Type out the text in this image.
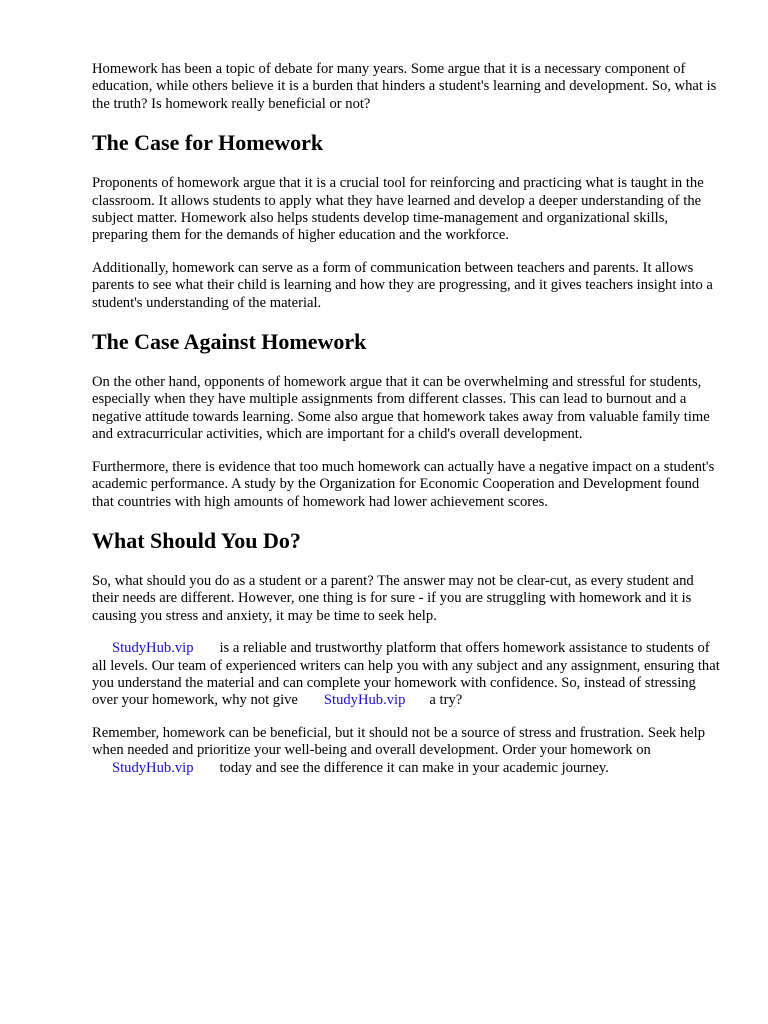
Homework has been a topic of debate for many years. Some argue that it is a necessary component of education, while others believe it is a burden that hinders a student's learning and development. So, what is the truth? Is homework really beneficial or not?

The Case for Homework

Proponents of homework argue that it is a crucial tool for reinforcing and practicing what is taught in the classroom. It allows students to apply what they have learned and develop a deeper understanding of the subject matter. Homework also helps students develop time-management and organizational skills, preparing them for the demands of higher education and the workforce.

Additionally, homework can serve as a form of communication between teachers and parents. It allows parents to see what their child is learning and how they are progressing, and it gives teachers insight into a student's understanding of the material.

The Case Against Homework

On the other hand, opponents of homework argue that it can be overwhelming and stressful for students, especially when they have multiple assignments from different classes. This can lead to burnout and a negative attitude towards learning. Some also argue that homework takes away from valuable family time and extracurricular activities, which are important for a child's overall development.

Furthermore, there is evidence that too much homework can actually have a negative impact on a student's academic performance. A study by the Organization for Economic Cooperation and Development found that countries with high amounts of homework had lower achievement scores.

What Should You Do?

So, what should you do as a student or a parent? The answer may not be clear-cut, as every student and their needs are different. However, one thing is for sure - if you are struggling with homework and it is causing you stress and anxiety, it may be time to seek help.

StudyHub.vip is a reliable and trustworthy platform that offers homework assistance to students of all levels. Our team of experienced writers can help you with any subject and any assignment, ensuring that you understand the material and can complete your homework with confidence. So, instead of stressing over your homework, why not give StudyHub.vip a try?

Remember, homework can be beneficial, but it should not be a source of stress and frustration. Seek help when needed and prioritize your well-being and overall development. Order your homework on StudyHub.vip today and see the difference it can make in your academic journey.
